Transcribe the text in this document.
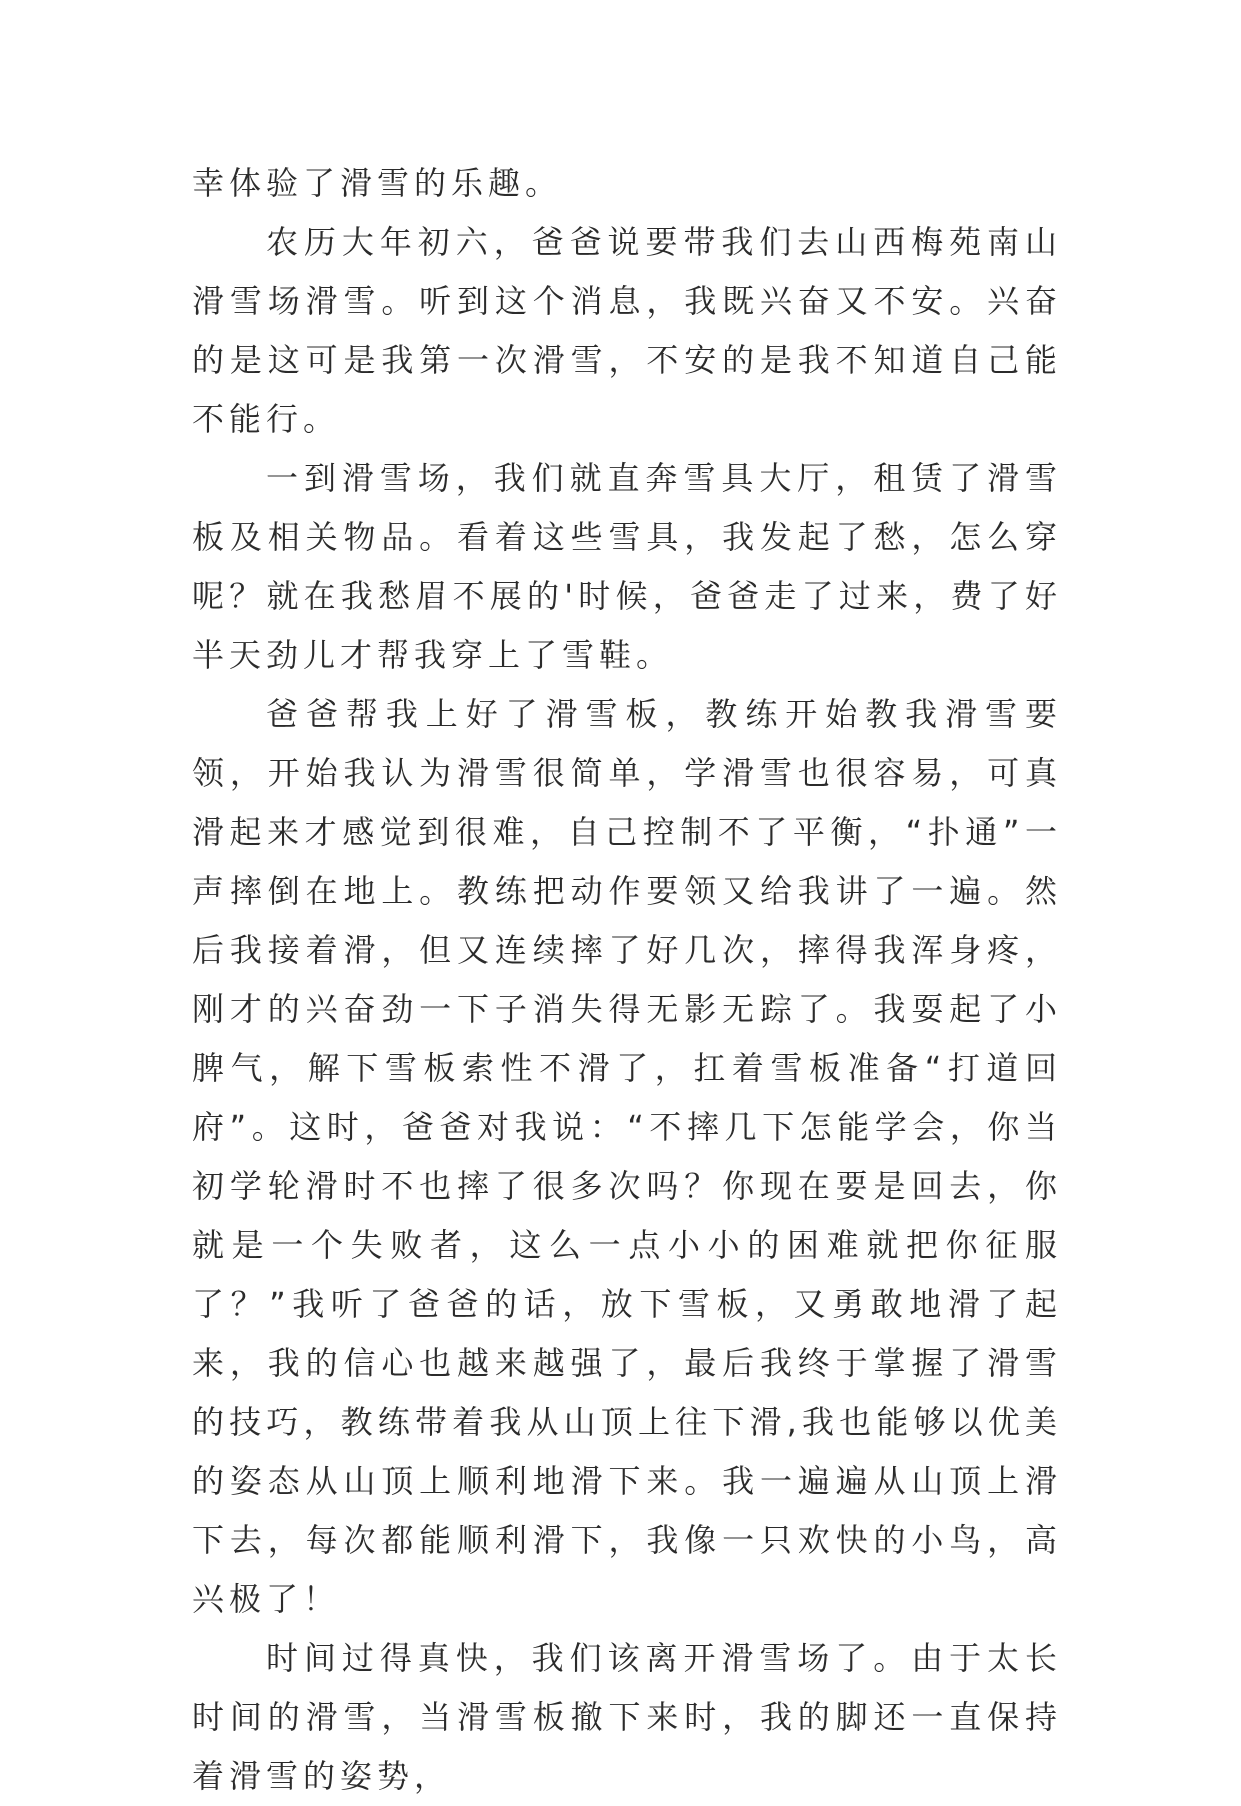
幸体验了滑雪的乐趣。

农历大年初六，爸爸说要带我们去山西梅苑南山滑雪场滑雪。听到这个消息，我既兴奋又不安。兴奋的是这可是我第一次滑雪，不安的是我不知道自己能不能行。

一到滑雪场，我们就直奔雪具大厅，租赁了滑雪板及相关物品。看着这些雪具，我发起了愁，怎么穿呢？就在我愁眉不展的'时候，爸爸走了过来，费了好半天劲儿才帮我穿上了雪鞋。

爸爸帮我上好了滑雪板，教练开始教我滑雪要领，开始我认为滑雪很简单，学滑雪也很容易，可真滑起来才感觉到很难，自己控制不了平衡，“扑通”一声摔倒在地上。教练把动作要领又给我讲了一遍。然后我接着滑，但又连续摔了好几次，摔得我浑身疼，刚才的兴奋劲一下子消失得无影无踪了。我耍起了小脾气，解下雪板索性不滑了，扛着雪板准备“打道回府”。这时，爸爸对我说：“不摔几下怎能学会，你当初学轮滑时不也摔了很多次吗？你现在要是回去，你就是一个失败者，这么一点小小的困难就把你征服了？”我听了爸爸的话，放下雪板，又勇敢地滑了起来，我的信心也越来越强了，最后我终于掌握了滑雪的技巧，教练带着我从山顶上往下滑,我也能够以优美的姿态从山顶上顺利地滑下来。我一遍遍从山顶上滑下去，每次都能顺利滑下，我像一只欢快的小鸟，高兴极了！

时间过得真快，我们该离开滑雪场了。由于太长时间的滑雪，当滑雪板撤下来时，我的脚还一直保持着滑雪的姿势，
